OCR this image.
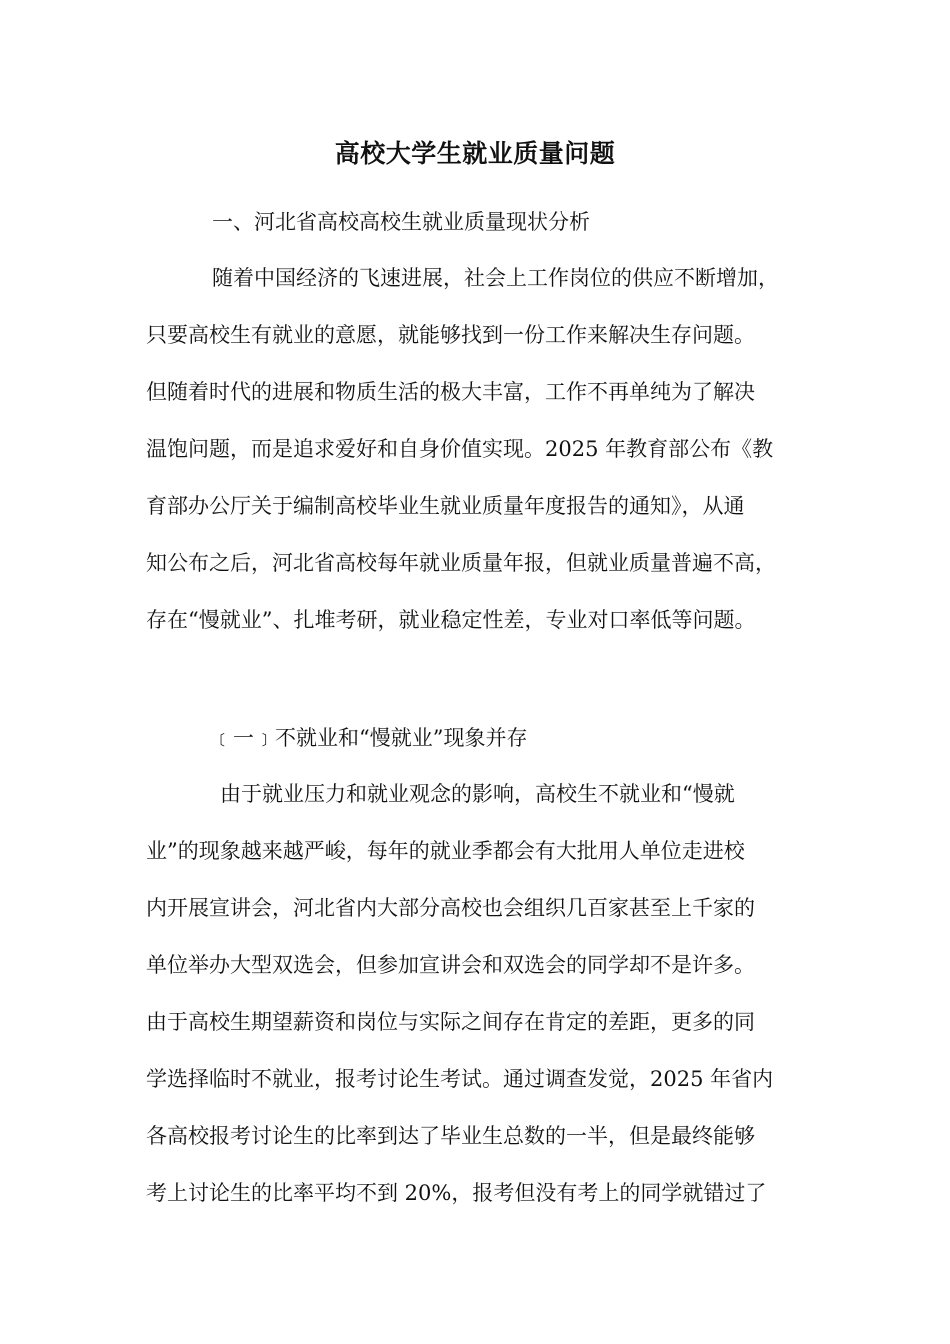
高校大学生就业质量问题
一、河北省高校高校生就业质量现状分析
随着中国经济的飞速进展，社会上工作岗位的供应不断增加，
只要高校生有就业的意愿，就能够找到一份工作来解决生存问题。
但随着时代的进展和物质生活的极大丰富，工作不再单纯为了解决
温饱问题，而是追求爱好和自身价值实现。2025 年教育部公布《教
育部办公厅关于编制高校毕业生就业质量年度报告的通知》，从通
知公布之后，河北省高校每年就业质量年报，但就业质量普遍不高，
存在“慢就业”、扎堆考研，就业稳定性差，专业对口率低等问题。
﹝一﹞不就业和“慢就业”现象并存
由于就业压力和就业观念的影响，高校生不就业和“慢就
业”的现象越来越严峻，每年的就业季都会有大批用人单位走进校
内开展宣讲会，河北省内大部分高校也会组织几百家甚至上千家的
单位举办大型双选会，但参加宣讲会和双选会的同学却不是许多。
由于高校生期望薪资和岗位与实际之间存在肯定的差距，更多的同
学选择临时不就业，报考讨论生考试。通过调查发觉，2025 年省内
各高校报考讨论生的比率到达了毕业生总数的一半，但是最终能够
考上讨论生的比率平均不到 20%，报考但没有考上的同学就错过了
